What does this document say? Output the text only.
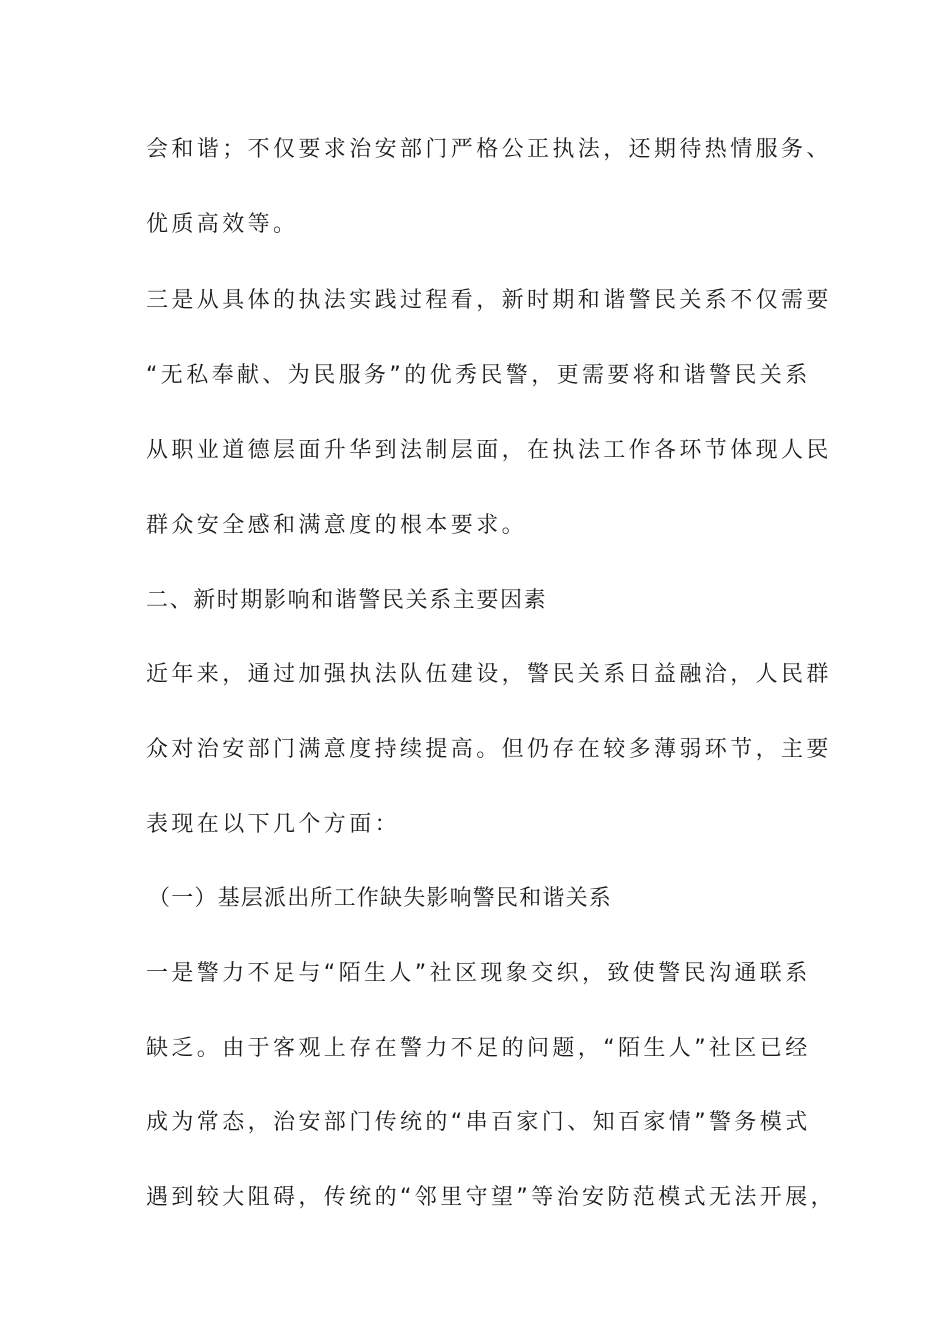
会和谐；不仅要求治安部门严格公正执法，还期待热情服务、
优质高效等。
三是从具体的执法实践过程看，新时期和谐警民关系不仅需要
“无私奉献、为民服务”的优秀民警，更需要将和谐警民关系
从职业道德层面升华到法制层面，在执法工作各环节体现人民
群众安全感和满意度的根本要求。
二、新时期影响和谐警民关系主要因素
近年来，通过加强执法队伍建设，警民关系日益融洽，人民群
众对治安部门满意度持续提高。但仍存在较多薄弱环节，主要
表现在以下几个方面：
（一）基层派出所工作缺失影响警民和谐关系
一是警力不足与“陌生人”社区现象交织，致使警民沟通联系
缺乏。由于客观上存在警力不足的问题，“陌生人”社区已经
成为常态，治安部门传统的“串百家门、知百家情”警务模式
遇到较大阻碍，传统的“邻里守望”等治安防范模式无法开展，
